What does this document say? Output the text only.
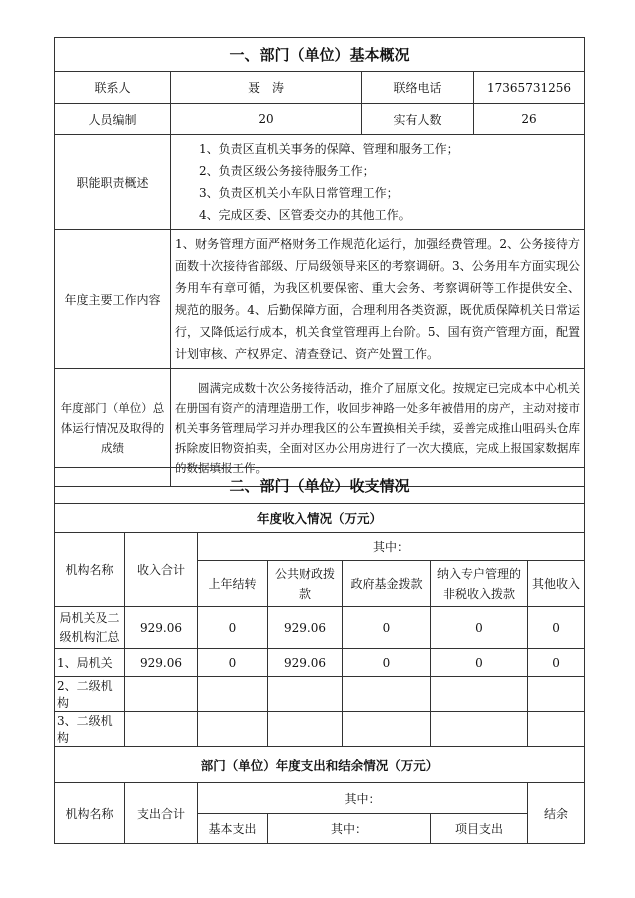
一、部门（单位）基本概况			
联系人	聂　涛	联络电话	17365731256
人员编制	20	实有人数	26
职能职责概述	1、负责区直机关事务的保障、管理和服务工作；
2、负责区级公务接待服务工作；
3、负责区机关小车队日常管理工作；
4、完成区委、区管委交办的其他工作。		

年度主要工作内容	1、财务管理方面严格财务工作规范化运行，加强经费管理。2、公务接待方面数十次接待省部级、厅局级领导来区的考察调研。3、公务用车方面实现公务用车有章可循，为我区机要保密、重大会务、考察调研等工作提供安全、规范的服务。4、后勤保障方面，合理利用各类资源，既优质保障机关日常运行，又降低运行成本，机关食堂管理再上台阶。5、国有资产管理方面，配置计划审核、产权界定、清查登记、资产处置工作。		
年度部门（单位）总体运行情况及取得的成绩	圆满完成数十次公务接待活动，推介了屈原文化。按规定已完成本中心机关在册国有资产的清理造册工作，收回步神路一处多年被借用的房产，主动对接市机关事务管理局学习并办理我区的公车置换相关手续，妥善完成推山咀码头仓库拆除废旧物资拍卖，全面对区办公用房进行了一次大摸底，完成上报国家数据库的数据填报工作。		
二、部门（单位）收支情况						
年度收入情况（万元）						
机构名称	收入合计	其中：				
		上年结转	公共财政拨款	政府基金拨款	纳入专户管理的非税收入拨款	其他收入
局机关及二级机构汇总	929.06	0	929.06	0	0	0
1、局机关	929.06	0	929.06	0	0	0
2、二级机构						
3、二级机构						
部门（单位）年度支出和结余情况（万元）						
机构名称	支出合计	其中：				结余
		基本支出	其中：		项目支出	
